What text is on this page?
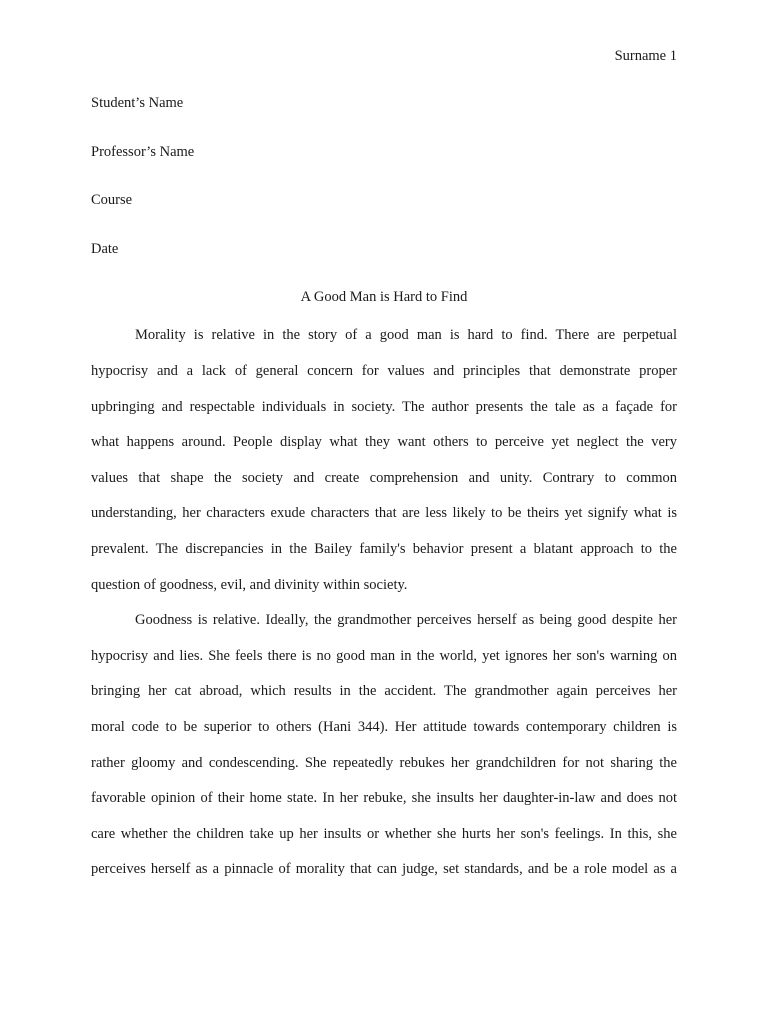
Surname 1
Student’s Name
Professor’s Name
Course
Date
A Good Man is Hard to Find
Morality is relative in the story of a good man is hard to find. There are perpetual
hypocrisy and a lack of general concern for values and principles that demonstrate proper
upbringing and respectable individuals in society. The author presents the tale as a façade for
what happens around. People display what they want others to perceive yet neglect the very
values that shape the society and create comprehension and unity. Contrary to common
understanding, her characters exude characters that are less likely to be theirs yet signify what is
prevalent. The discrepancies in the Bailey family's behavior present a blatant approach to the
question of goodness, evil, and divinity within society.
Goodness is relative. Ideally, the grandmother perceives herself as being good despite her
hypocrisy and lies. She feels there is no good man in the world, yet ignores her son's warning on
bringing her cat abroad, which results in the accident. The grandmother again perceives her
moral code to be superior to others (Hani 344). Her attitude towards contemporary children is
rather gloomy and condescending. She repeatedly rebukes her grandchildren for not sharing the
favorable opinion of their home state. In her rebuke, she insults her daughter-in-law and does not
care whether the children take up her insults or whether she hurts her son's feelings. In this, she
perceives herself as a pinnacle of morality that can judge, set standards, and be a role model as a
